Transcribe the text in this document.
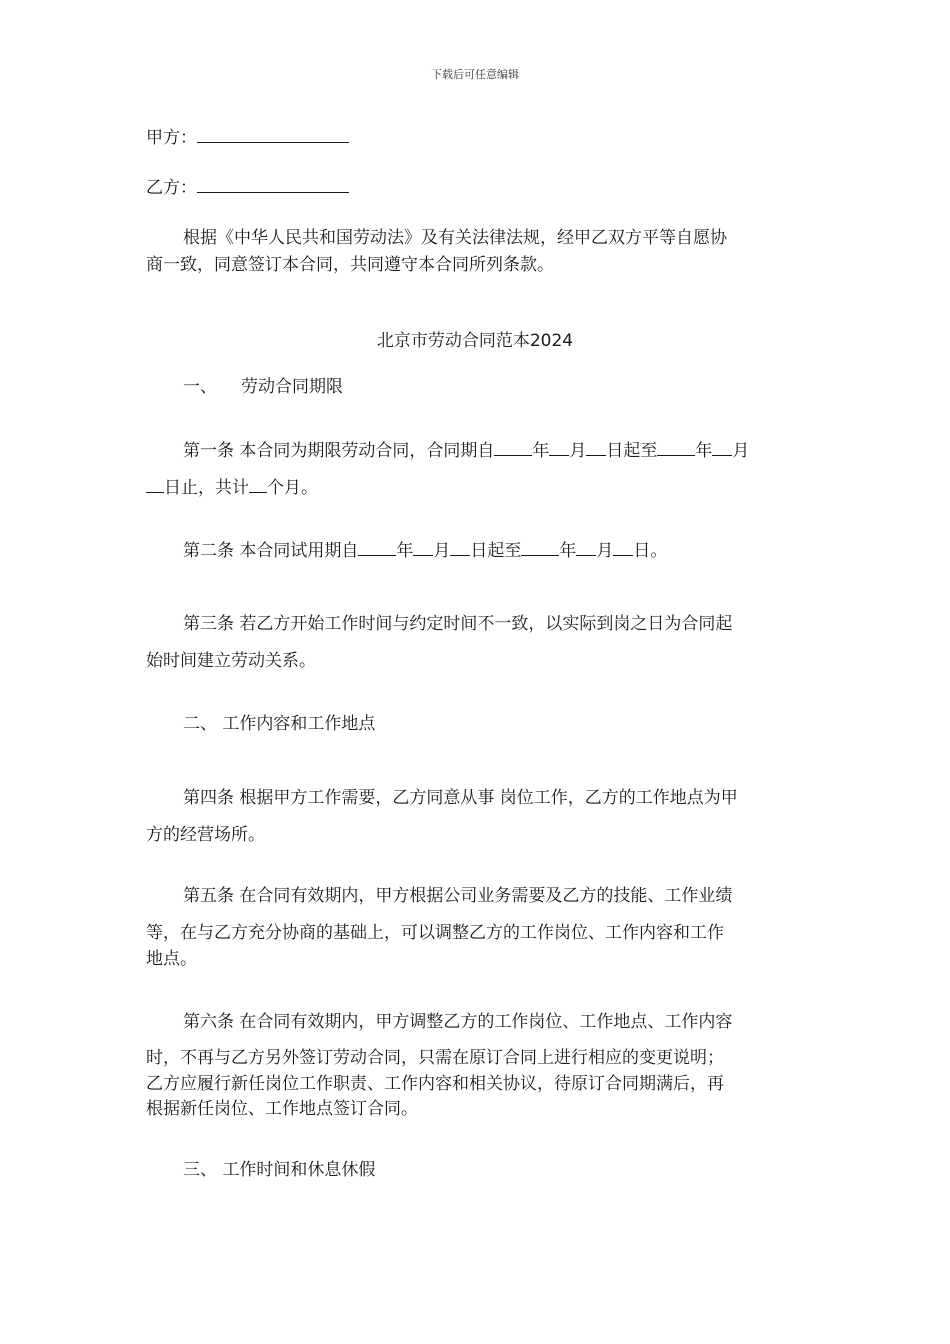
下载后可任意编辑
甲方：
乙方：
根据《中华人民共和国劳动法》及有关法律法规，经甲乙双方平等自愿协
商一致，同意签订本合同，共同遵守本合同所列条款。
北京市劳动合同范本2024
一、 劳动合同期限
第一条 本合同为期限劳动合同，合同期自 年 月 日起至 年 月
日止，共计 个月。
第二条 本合同试用期自 年 月 日起至 年 月 日。
第三条 若乙方开始工作时间与约定时间不一致，以实际到岗之日为合同起
始时间建立劳动关系。
二、 工作内容和工作地点
第四条 根据甲方工作需要，乙方同意从事 岗位工作，乙方的工作地点为甲
方的经营场所。
第五条 在合同有效期内，甲方根据公司业务需要及乙方的技能、工作业绩
等，在与乙方充分协商的基础上，可以调整乙方的工作岗位、工作内容和工作
地点。
第六条 在合同有效期内，甲方调整乙方的工作岗位、工作地点、工作内容
时，不再与乙方另外签订劳动合同，只需在原订合同上进行相应的变更说明；
乙方应履行新任岗位工作职责、工作内容和相关协议，待原订合同期满后，再
根据新任岗位、工作地点签订合同。
三、 工作时间和休息休假
